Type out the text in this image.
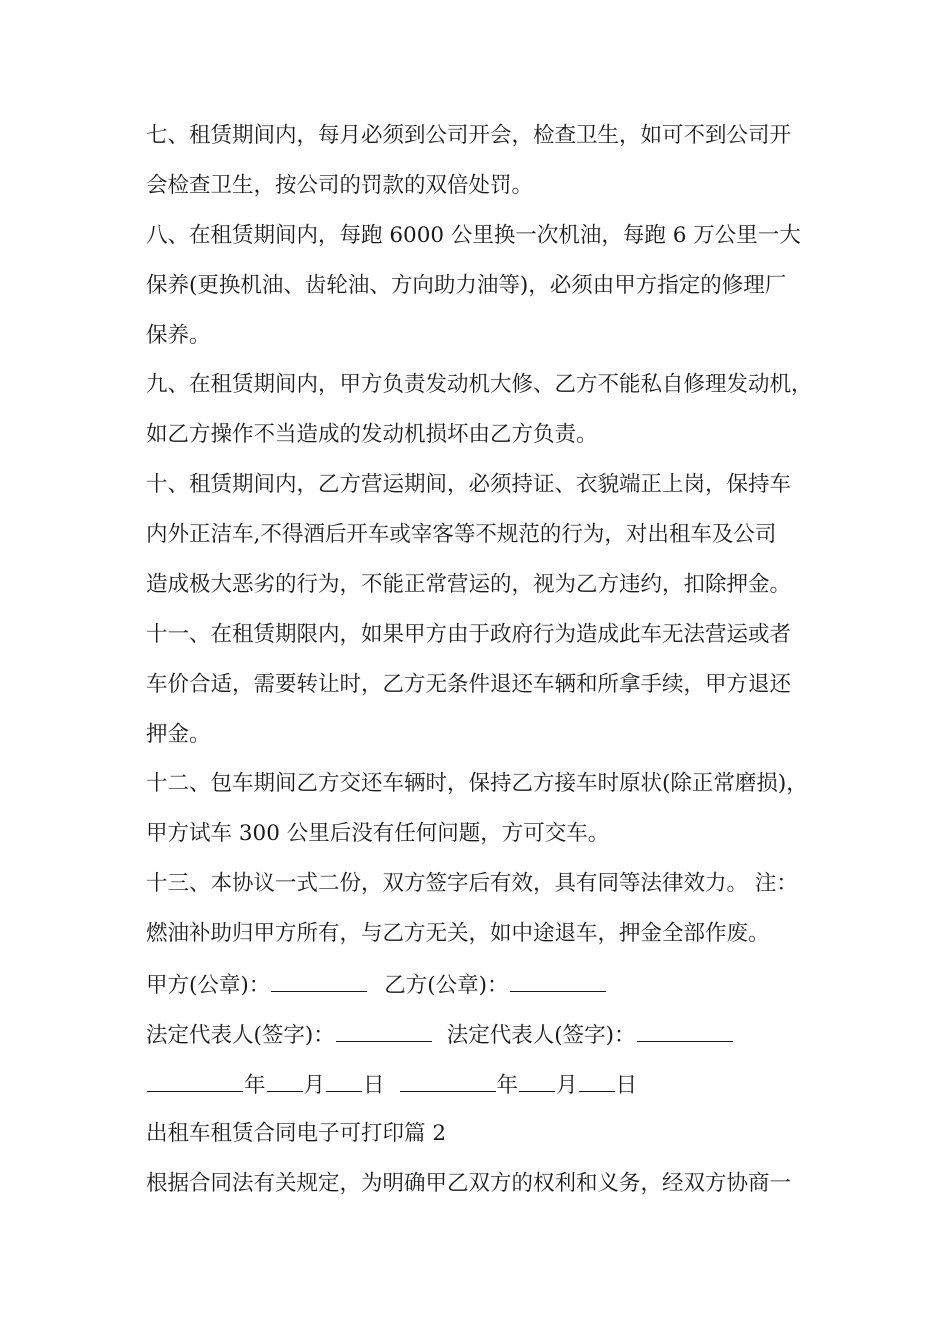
七、租赁期间内，每月必须到公司开会，检查卫生，如可不到公司开
会检查卫生，按公司的罚款的双倍处罚。
八、在租赁期间内，每跑 6000 公里换一次机油，每跑 6 万公里一大
保养(更换机油、齿轮油、方向助力油等)，必须由甲方指定的修理厂
保养。
九、在租赁期间内，甲方负责发动机大修、乙方不能私自修理发动机，
如乙方操作不当造成的发动机损坏由乙方负责。
十、租赁期间内，乙方营运期间，必须持证、衣貌端正上岗，保持车
内外正洁车,不得酒后开车或宰客等不规范的行为，对出租车及公司
造成极大恶劣的行为，不能正常营运的，视为乙方违约，扣除押金。
十一、在租赁期限内，如果甲方由于政府行为造成此车无法营运或者
车价合适，需要转让时，乙方无条件退还车辆和所拿手续，甲方退还
押金。
十二、包车期间乙方交还车辆时，保持乙方接车时原状(除正常磨损)，
甲方试车 300 公里后没有任何问题，方可交车。
十三、本协议一式二份，双方签字后有效，具有同等法律效力。 注：
燃油补助归甲方所有，与乙方无关，如中途退车，押金全部作废。
甲方(公章)：	乙方(公章)：
法定代表人(签字)：	法定代表人(签字)：
年 月 日	年 月 日
出租车租赁合同电子可打印篇 2
根据合同法有关规定，为明确甲乙双方的权利和义务，经双方协商一
